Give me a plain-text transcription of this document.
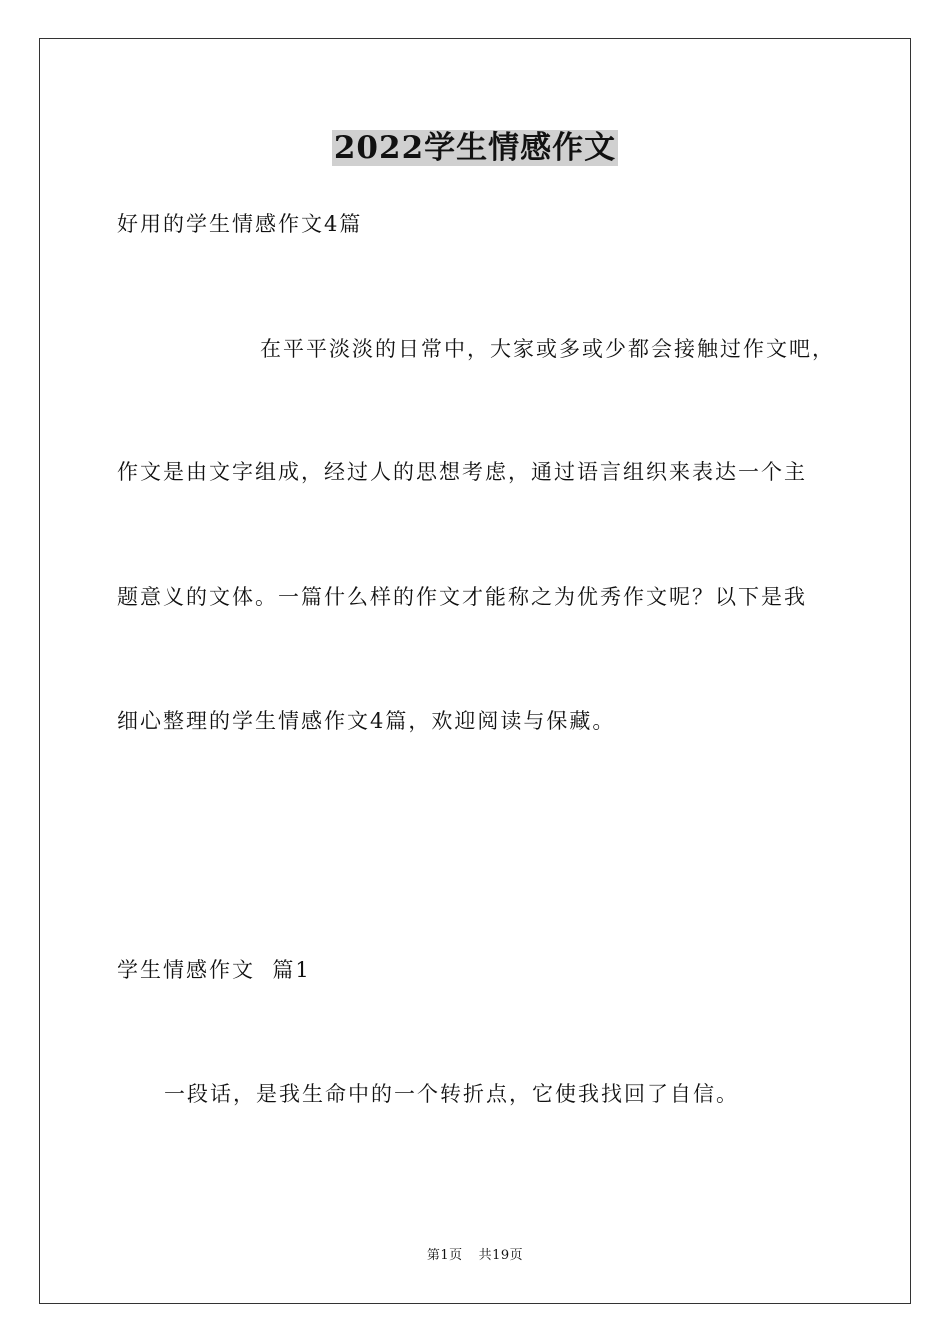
2022学生情感作文
好用的学生情感作文4篇
在平平淡淡的日常中，大家或多或少都会接触过作文吧，
作文是由文字组成，经过人的思想考虑，通过语言组织来表达一个主
题意义的文体。一篇什么样的作文才能称之为优秀作文呢？以下是我
细心整理的学生情感作文4篇，欢迎阅读与保藏。
学生情感作文  篇1
一段话，是我生命中的一个转折点，它使我找回了自信。
第1页 共19页
